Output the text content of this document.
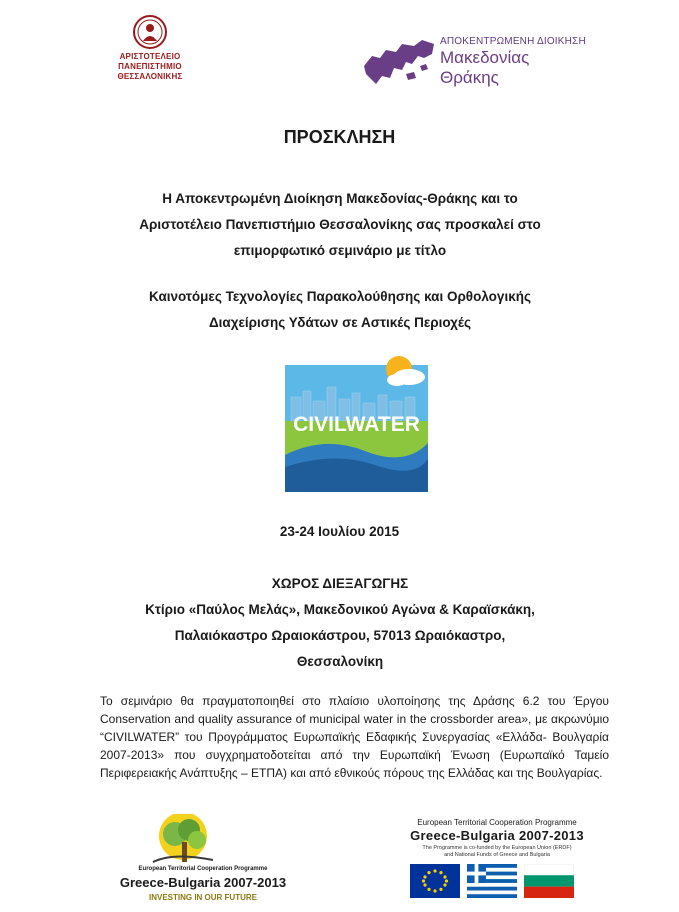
ΑΡΙΣΤΟΤΕΛΕΙΟ
ΠΑΝΕΠΙΣΤΗΜΙΟ
ΘΕΣΣΑΛΟΝΙΚΗΣ
ΑΠΟΚΕΝΤΡΩΜΕΝΗ ΔΙΟΙΚΗΣΗ
Μακεδονίας
Θράκης
ΠΡΟΣΚΛΗΣΗ
Η Αποκεντρωμένη Διοίκηση Μακεδονίας-Θράκης και το
Αριστοτέλειο Πανεπιστήμιο Θεσσαλονίκης σας προσκαλεί στο
επιμορφωτικό σεμινάριο με τίτλο
Καινοτόμες Τεχνολογίες Παρακολούθησης και Ορθολογικής
Διαχείρισης Υδάτων σε Αστικές Περιοχές
CIVILWATER
23-24 Ιουλίου 2015
ΧΩΡΟΣ ΔΙΕΞΑΓΩΓΗΣ
Κτίριο «Παύλος Μελάς», Μακεδονικού Αγώνα & Καραϊσκάκη,
Παλαιόκαστρο Ωραιοκάστρου, 57013 Ωραιόκαστρο,
Θεσσαλονίκη
Το σεμινάριο θα πραγματοποιηθεί στο πλαίσιο υλοποίησης της Δράσης 6.2 του Έργου Conservation and quality assurance of municipal water in the crossborder area», με ακρωνύμιο “CIVILWATER” του Προγράμματος Ευρωπαϊκής Εδαφικής Συνεργασίας «Ελλάδα- Βουλγαρία 2007-2013» που συγχρηματοδοτείται από την Ευρωπαϊκή Ένωση (Ευρωπαϊκό Ταμείο Περιφερειακής Ανάπτυξης – ΕΤΠΑ) και από εθνικούς πόρους της Ελλάδας και της Βουλγαρίας.
European Territorial Cooperation Programme
Greece-Bulgaria 2007-2013
INVESTING IN OUR FUTURE
European Territorial Cooperation Programme
Greece-Bulgaria 2007-2013
The Programme is co-funded by the European Union (ERDF)
and National Funds of Greece and Bulgaria
